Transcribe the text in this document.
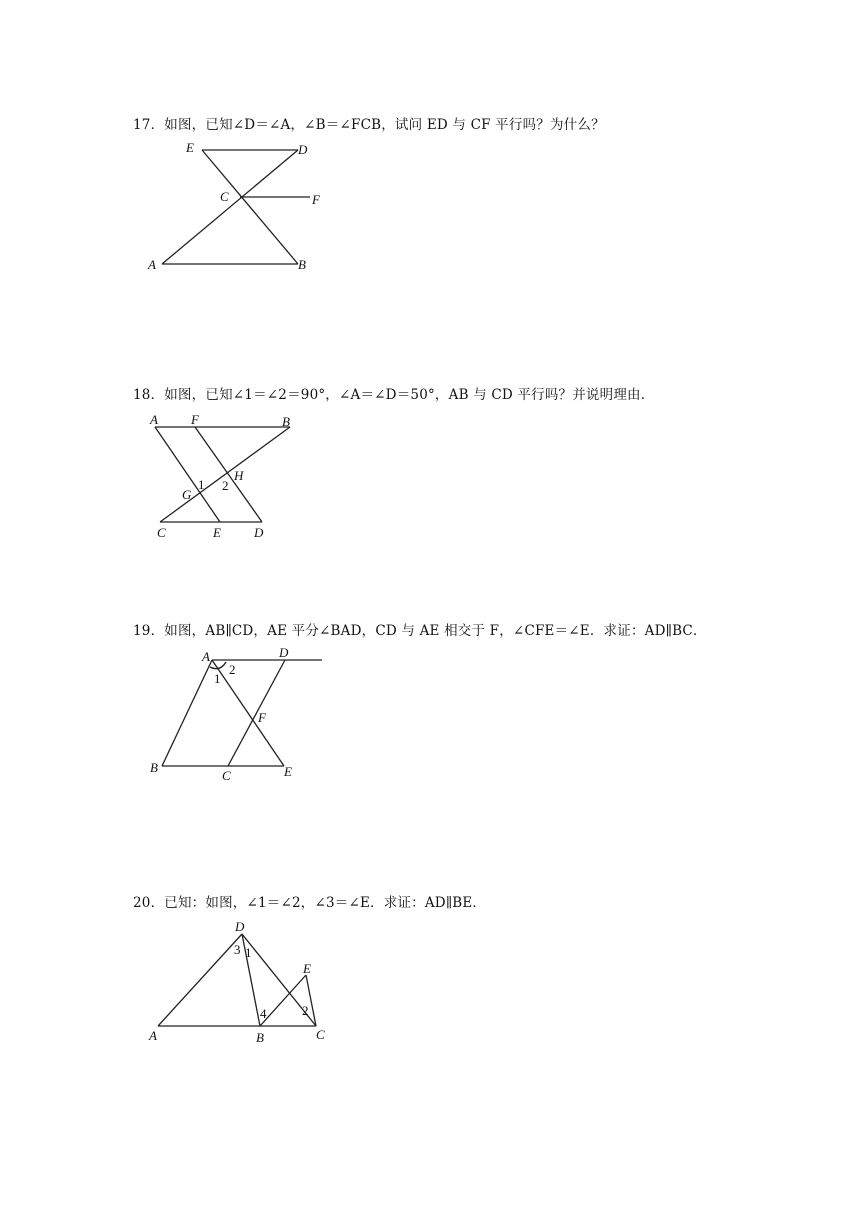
17．如图，已知∠D＝∠A，∠B＝∠FCB，试问 ED 与 CF 平行吗？为什么？
E	D
C	F
A	B
18．如图，已知∠1＝∠2＝90°，∠A＝∠D＝50°，AB 与 CD 平行吗？并说明理由．
A	F	B
H
G
1 2
C	E	D
19．如图，AB∥CD，AE 平分∠BAD，CD 与 AE 相交于 F，∠CFE＝∠E．求证：AD∥BC．
A	D
1
2
F
B
C	E
20．已知：如图，∠1＝∠2，∠3＝∠E．求证：AD∥BE．
D
3 1
E
2
4
A	B	C
